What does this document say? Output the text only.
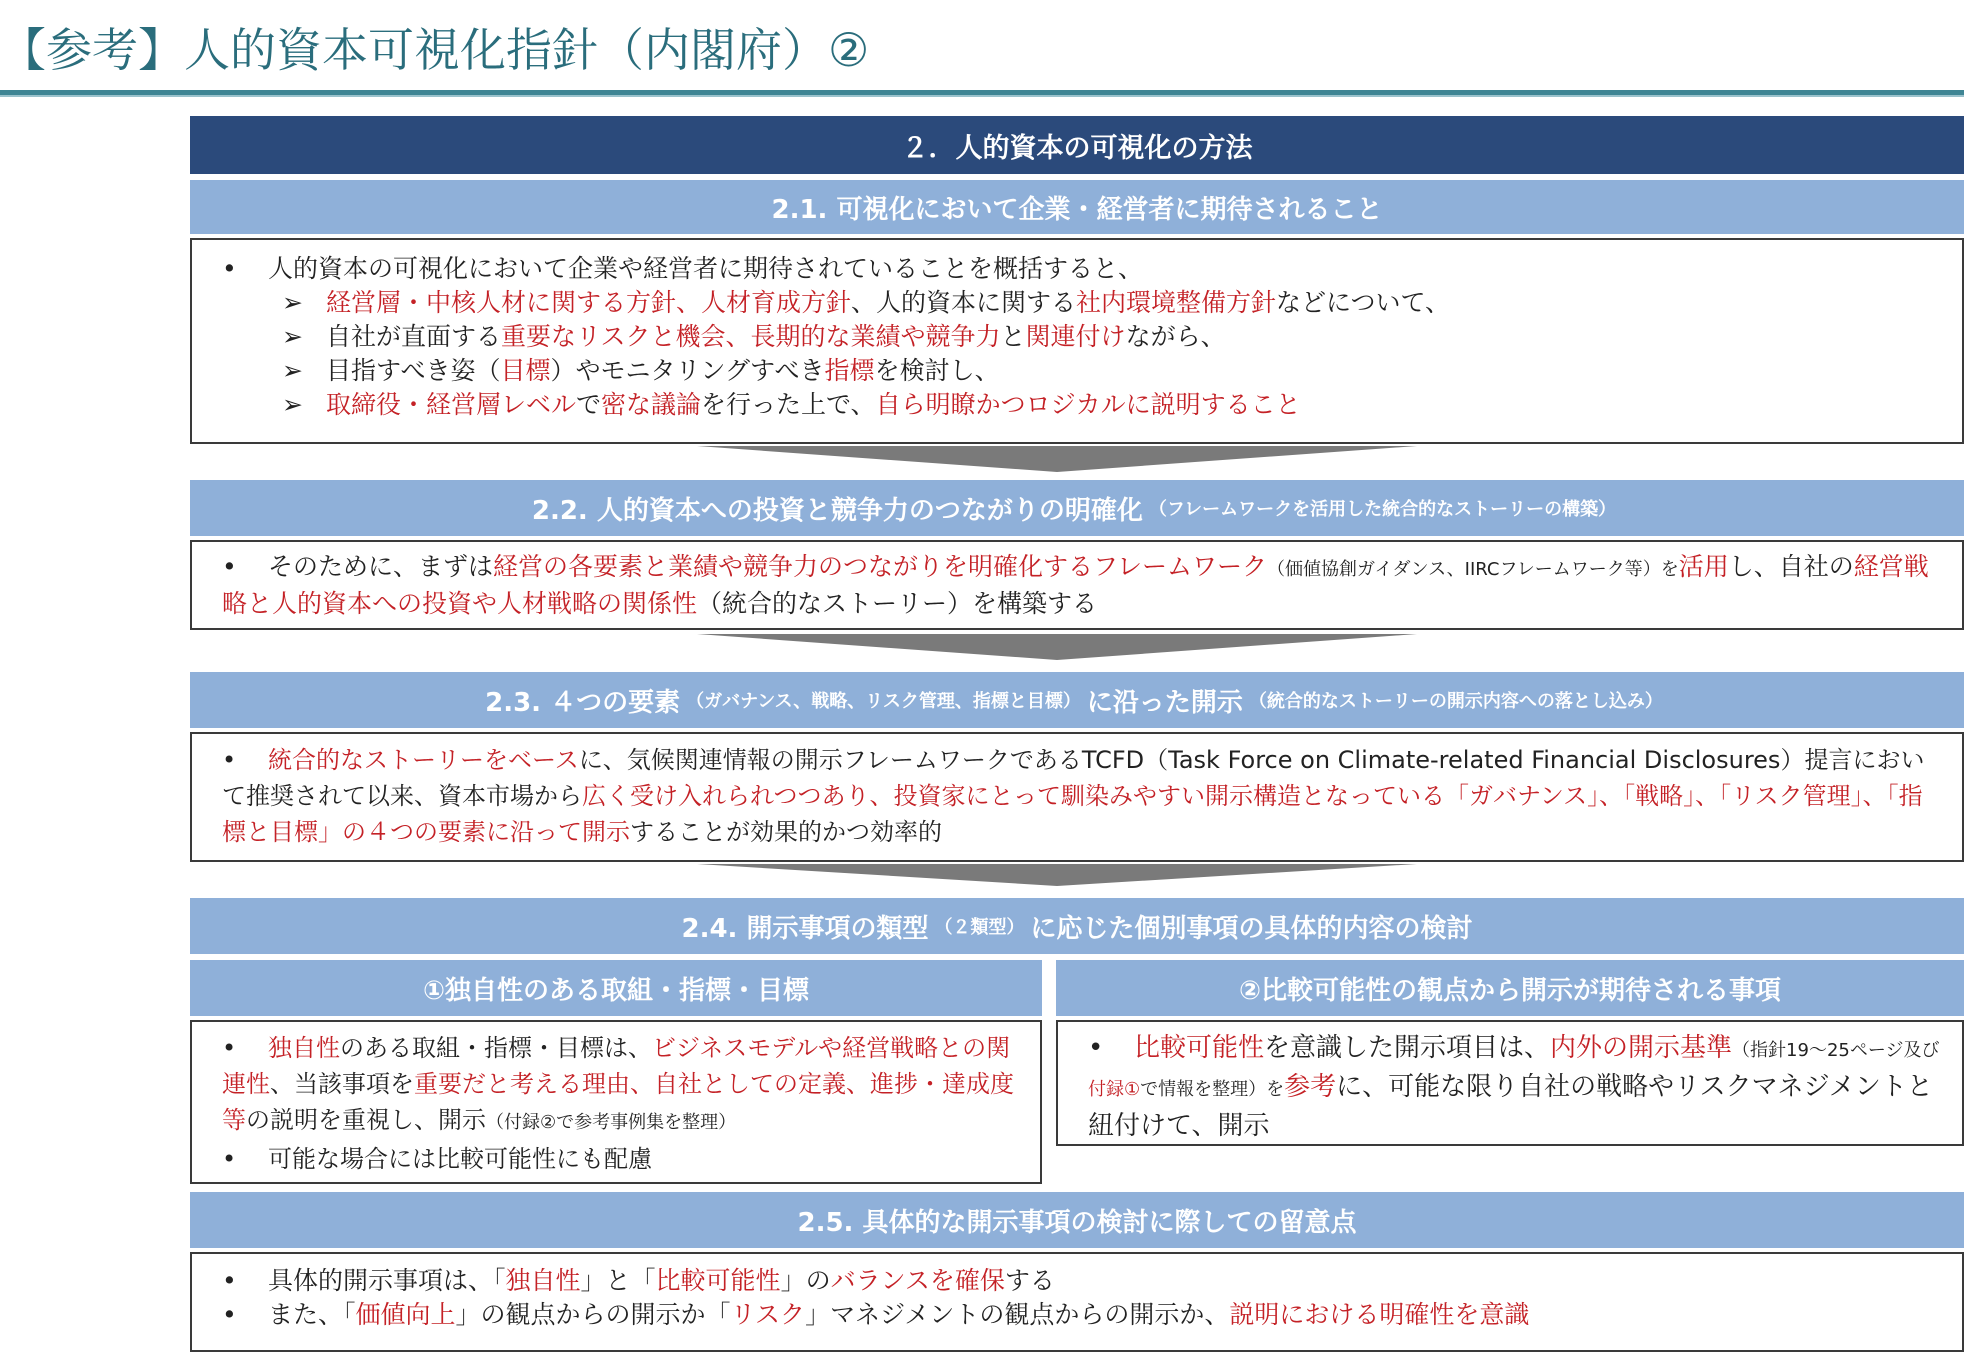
【参考】人的資本可視化指針（内閣府）②
２．人的資本の可視化の方法
2.1. 可視化において企業・経営者に期待されること
• 人的資本の可視化において企業や経営者に期待されていることを概括すると、
➢ 経営層・中核人材に関する方針、人材育成方針、人的資本に関する社内環境整備方針などについて、
➢ 自社が直面する重要なリスクと機会、長期的な業績や競争力と関連付けながら、
➢ 目指すべき姿（目標）やモニタリングすべき指標を検討し、
➢ 取締役・経営層レベルで密な議論を行った上で、自ら明瞭かつロジカルに説明すること
2.2. 人的資本への投資と競争力のつながりの明確化 （フレームワークを活用した統合的なストーリーの構築）
• そのために、まずは経営の各要素と業績や競争力のつながりを明確化するフレームワーク（価値協創ガイダンス、IIRCフレームワーク等）を活用し、自社の経営戦略と人的資本への投資や人材戦略の関係性（統合的なストーリー）を構築する
2.3. ４つの要素 （ガバナンス、戦略、リスク管理、指標と目標） に沿った開示 （統合的なストーリーの開示内容への落とし込み）
• 統合的なストーリーをベースに、気候関連情報の開示フレームワークであるTCFD（Task Force on Climate-related Financial Disclosures）提言において推奨されて以来、資本市場から広く受け入れられつつあり、投資家にとって馴染みやすい開示構造となっている「ガバナンス」、「戦略」、「リスク管理」、「指標と目標」の４つの要素に沿って開示することが効果的かつ効率的
2.4. 開示事項の類型 （２類型） に応じた個別事項の具体的内容の検討
①独自性のある取組・指標・目標	②比較可能性の観点から開示が期待される事項
• 独自性のある取組・指標・目標は、ビジネスモデルや経営戦略との関連性、当該事項を重要だと考える理由、自社としての定義、進捗・達成度等の説明を重視し、開示（付録②で参考事例集を整理）
• 可能な場合には比較可能性にも配慮
• 比較可能性を意識した開示項目は、内外の開示基準（指針19～25ページ及び付録①で情報を整理）を参考に、可能な限り自社の戦略やリスクマネジメントと紐付けて、開示
2.5. 具体的な開示事項の検討に際しての留意点
• 具体的開示事項は、「独自性」と「比較可能性」のバランスを確保する
• また、「価値向上」の観点からの開示か「リスク」マネジメントの観点からの開示か、説明における明確性を意識
